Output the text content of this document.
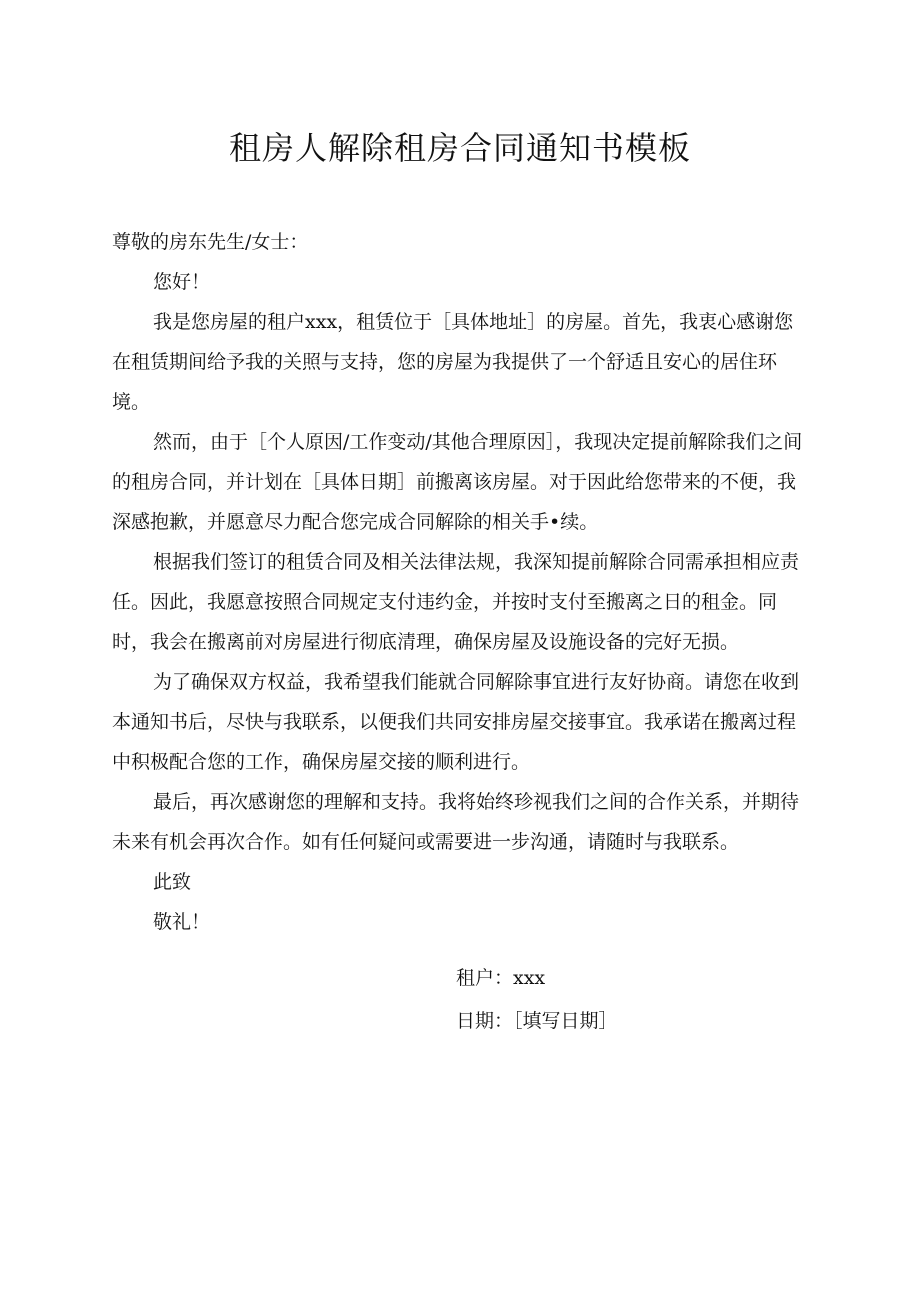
租房人解除租房合同通知书模板

尊敬的房东先生/女士：

您好！

我是您房屋的租户xxx，租赁位于［具体地址］的房屋。首先，我衷心感谢您在租赁期间给予我的关照与支持，您的房屋为我提供了一个舒适且安心的居住环境。

然而，由于［个人原因/工作变动/其他合理原因］，我现决定提前解除我们之间的租房合同，并计划在［具体日期］前搬离该房屋。对于因此给您带来的不便，我深感抱歉，并愿意尽力配合您完成合同解除的相关手•续。

根据我们签订的租赁合同及相关法律法规，我深知提前解除合同需承担相应责任。因此，我愿意按照合同规定支付违约金，并按时支付至搬离之日的租金。同时，我会在搬离前对房屋进行彻底清理，确保房屋及设施设备的完好无损。

为了确保双方权益，我希望我们能就合同解除事宜进行友好协商。请您在收到本通知书后，尽快与我联系，以便我们共同安排房屋交接事宜。我承诺在搬离过程中积极配合您的工作，确保房屋交接的顺利进行。

最后，再次感谢您的理解和支持。我将始终珍视我们之间的合作关系，并期待未来有机会再次合作。如有任何疑问或需要进一步沟通，请随时与我联系。

此致

敬礼！

租户：xxx
日期：［填写日期］
